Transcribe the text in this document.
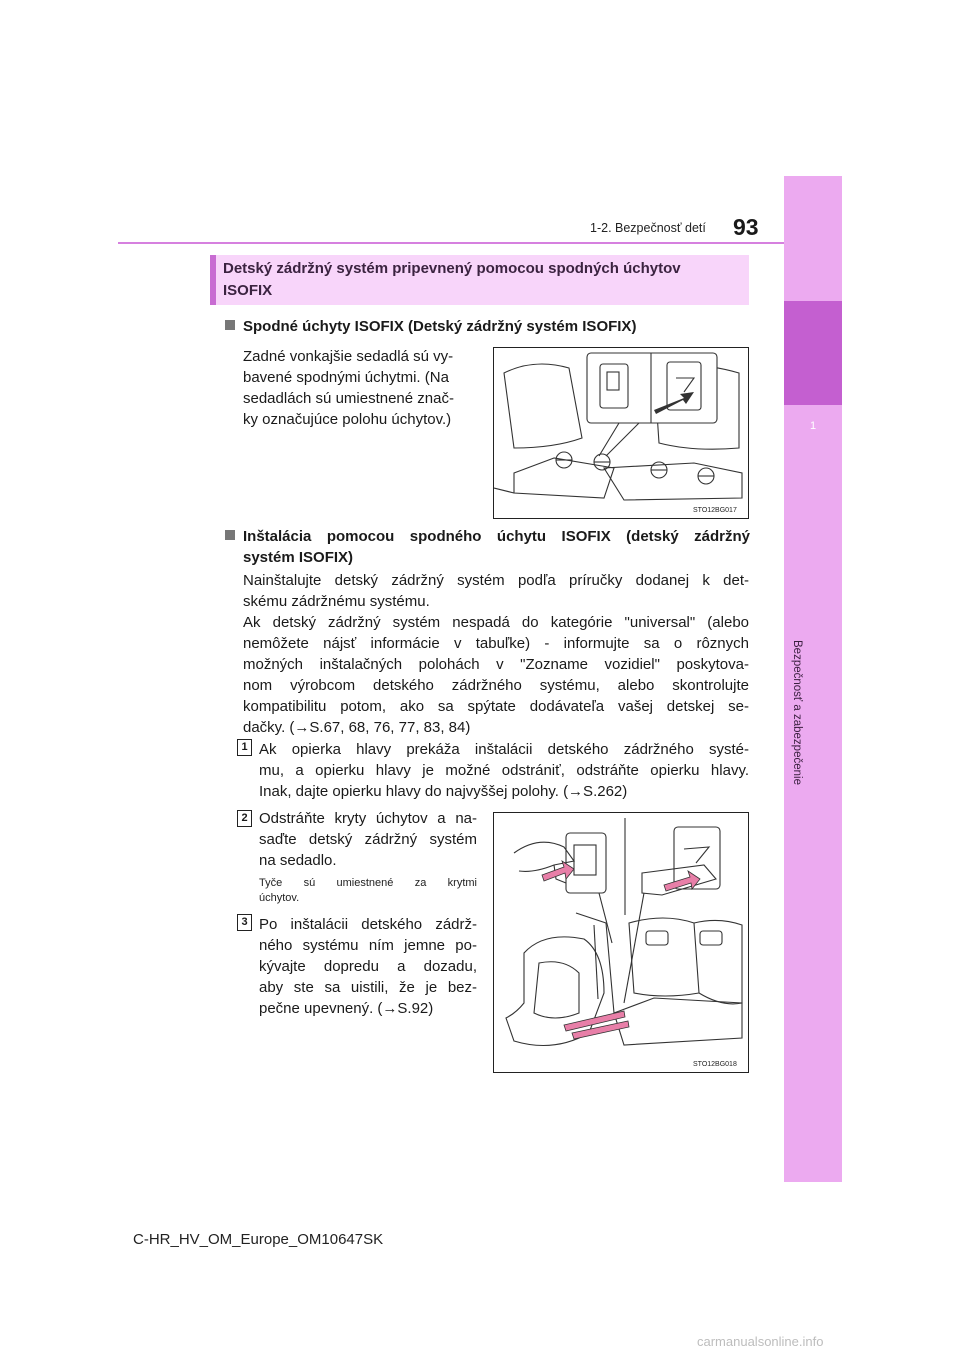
1
Bezpečnosť a zabezpečenie
1-2. Bezpečnosť detí 93
Detský zádržný systém pripevnený pomocou spodných úchytov
ISOFIX
Spodné úchyty ISOFIX (Detský zádržný systém ISOFIX)
Zadné vonkajšie sedadlá sú vy-
bavené spodnými úchytmi. (Na
sedadlách sú umiestnené znač-
ky označujúce polohu úchytov.)
STO12BG017
Inštalácia pomocou spodného úchytu ISOFIX (detský zádržný
systém ISOFIX)
Nainštalujte detský zádržný systém podľa príručky dodanej k det-
skému zádržnému systému.
Ak detský zádržný systém nespadá do kategórie "universal" (alebo
nemôžete nájsť informácie v tabuľke) - informujte sa o rôznych
možných inštalačných polohách v "Zozname vozidiel" poskytova-
nom výrobcom detského zádržného systému, alebo skontrolujte
kompatibilitu potom, ako sa spýtate dodávateľa vašej detskej se-
dačky. (→S.67, 68, 76, 77, 83, 84)
1 Ak opierka hlavy prekáža inštalácii detského zádržného systé-
mu, a opierku hlavy je možné odstrániť, odstráňte opierku hlavy.
Inak, dajte opierku hlavy do najvyššej polohy. (→S.262)
2 Odstráňte kryty úchytov a na-
saďte detský zádržný systém
na sedadlo.
Tyče sú umiestnené za krytmi
úchytov.
3 Po inštalácii detského zádrž-
ného systému ním jemne po-
kývajte dopredu a dozadu,
aby ste sa uistili, že je bez-
pečne upevnený. (→S.92)
STO12BG018
C-HR_HV_OM_Europe_OM10647SK
carmanualsonline.info
